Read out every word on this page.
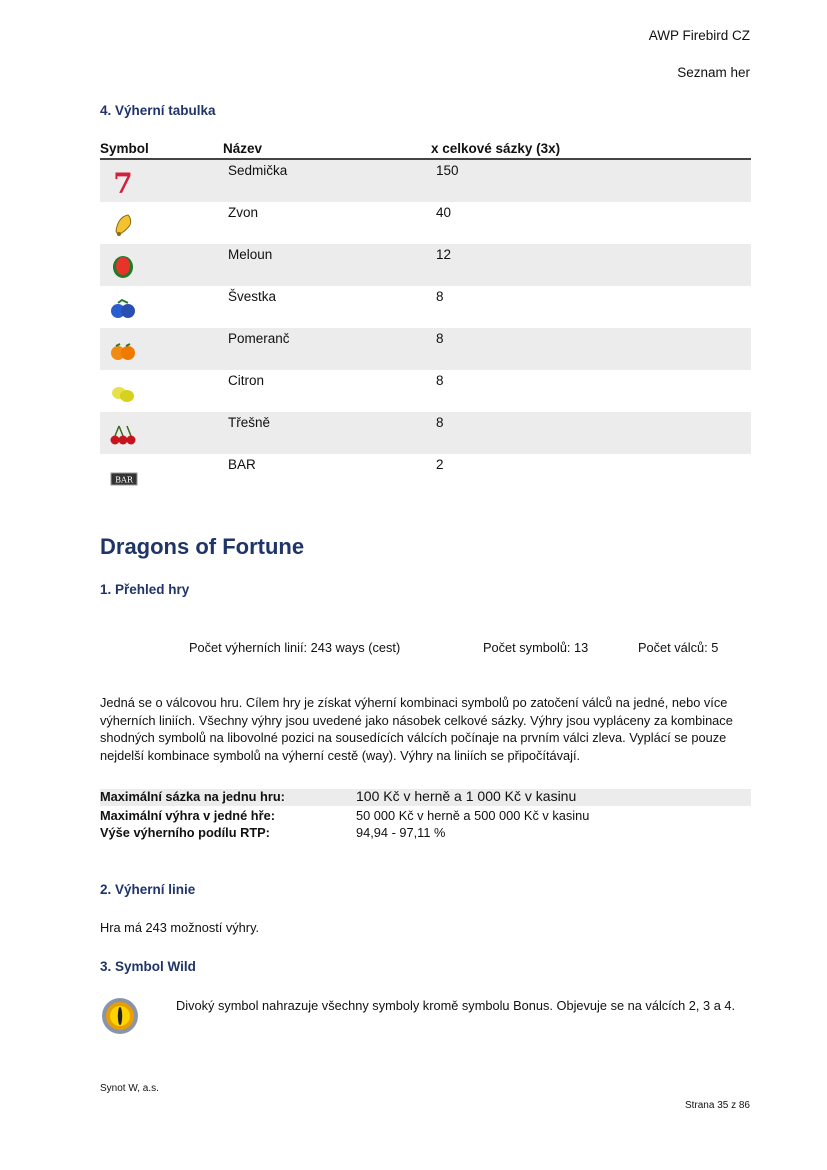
AWP Firebird CZ
Seznam her
4. Výherní tabulka
Symbol	Název	x celkové sázky (3x)
7	Sedmička	150
Zvon	40
Meloun	12
Švestka	8
Pomeranč	8
Citron	8
Třešně	8
BAR
BAR	2
Dragons of Fortune
1. Přehled hry
Počet výherních linií: 243 ways (cest)	Počet symbolů: 13	Počet válců: 5
Jedná se o válcovou hru. Cílem hry je získat výherní kombinaci symbolů po zatočení válců na jedné, nebo více výherních liniích. Všechny výhry jsou uvedené jako násobek celkové sázky. Výhry jsou vypláceny za kombinace shodných symbolů na libovolné pozici na sousedících válcích počínaje na prvním válci zleva. Vyplácí se pouze nejdelší kombinace symbolů na výherní cestě (way). Výhry na liniích se připočítávají.
Maximální sázka na jednu hru:	100 Kč v herně a 1 000 Kč v kasinu
Maximální výhra v jedné hře:	50 000 Kč v herně a 500 000 Kč v kasinu
Výše výherního podílu RTP:	94,94 - 97,11 %
2. Výherní linie
Hra má 243 možností výhry.
3. Symbol Wild
Divoký symbol nahrazuje všechny symboly kromě symbolu Bonus. Objevuje se na válcích 2, 3 a 4.
Synot W, a.s.
Strana 35 z 86
